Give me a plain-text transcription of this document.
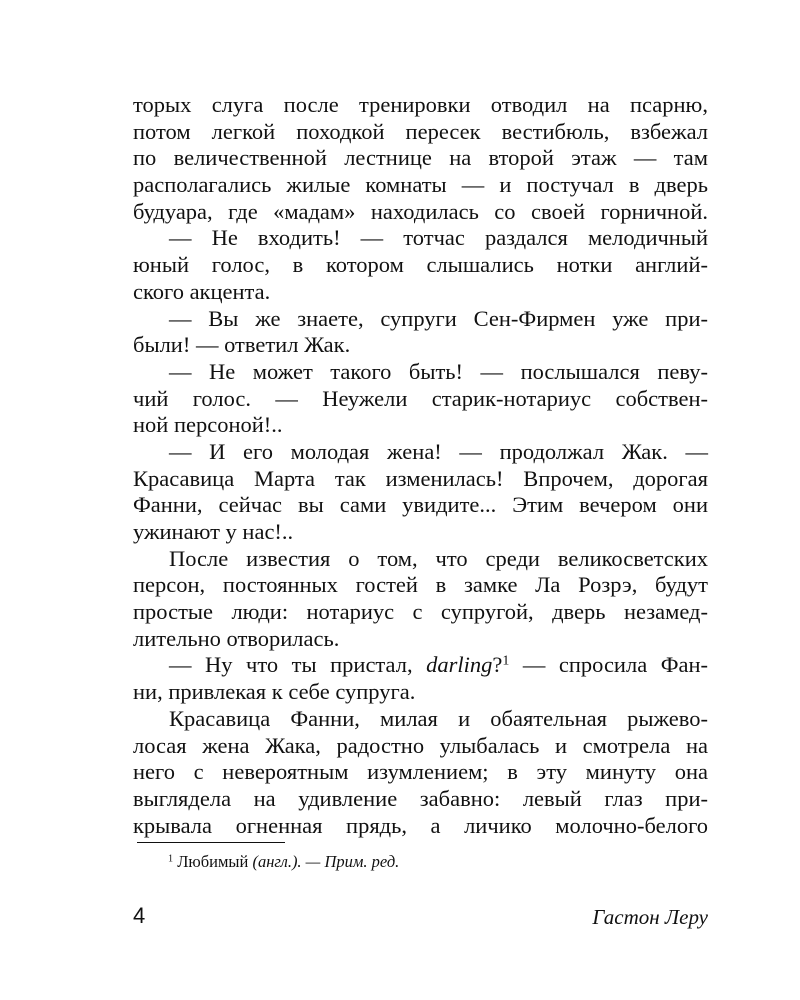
торых слуга после тренировки отводил на псарню,
потом легкой походкой пересек вестибюль, взбежал
по величественной лестнице на второй этаж — там
располагались жилые комнаты — и постучал в дверь
будуара, где «мадам» находилась со своей горничной.
— Не входить! — тотчас раздался мелодичный
юный голос, в котором слышались нотки англий-
ского акцента.
— Вы же знаете, супруги Сен-Фирмен уже при-
были! — ответил Жак.
— Не может такого быть! — послышался певу-
чий голос. — Неужели старик-нотариус собствен-
ной персоной!..
— И его молодая жена! — продолжал Жак. —
Красавица Марта так изменилась! Впрочем, дорогая
Фанни, сейчас вы сами увидите... Этим вечером они
ужинают у нас!..
После известия о том, что среди великосветских
персон, постоянных гостей в замке Ла Розрэ, будут
простые люди: нотариус с супругой, дверь незамед-
лительно отворилась.
— Ну что ты пристал, darling?$^1$ — спросила Фан-
ни, привлекая к себе супруга.
Красавица Фанни, милая и обаятельная рыжево-
лосая жена Жака, радостно улыбалась и смотрела на
него с невероятным изумлением; в эту минуту она
выглядела на удивление забавно: левый глаз при-
крывала огненная прядь, а личико молочно-белого
$^1$ Любимый (англ.). — Прим. ред.
4	Гастон Леру
